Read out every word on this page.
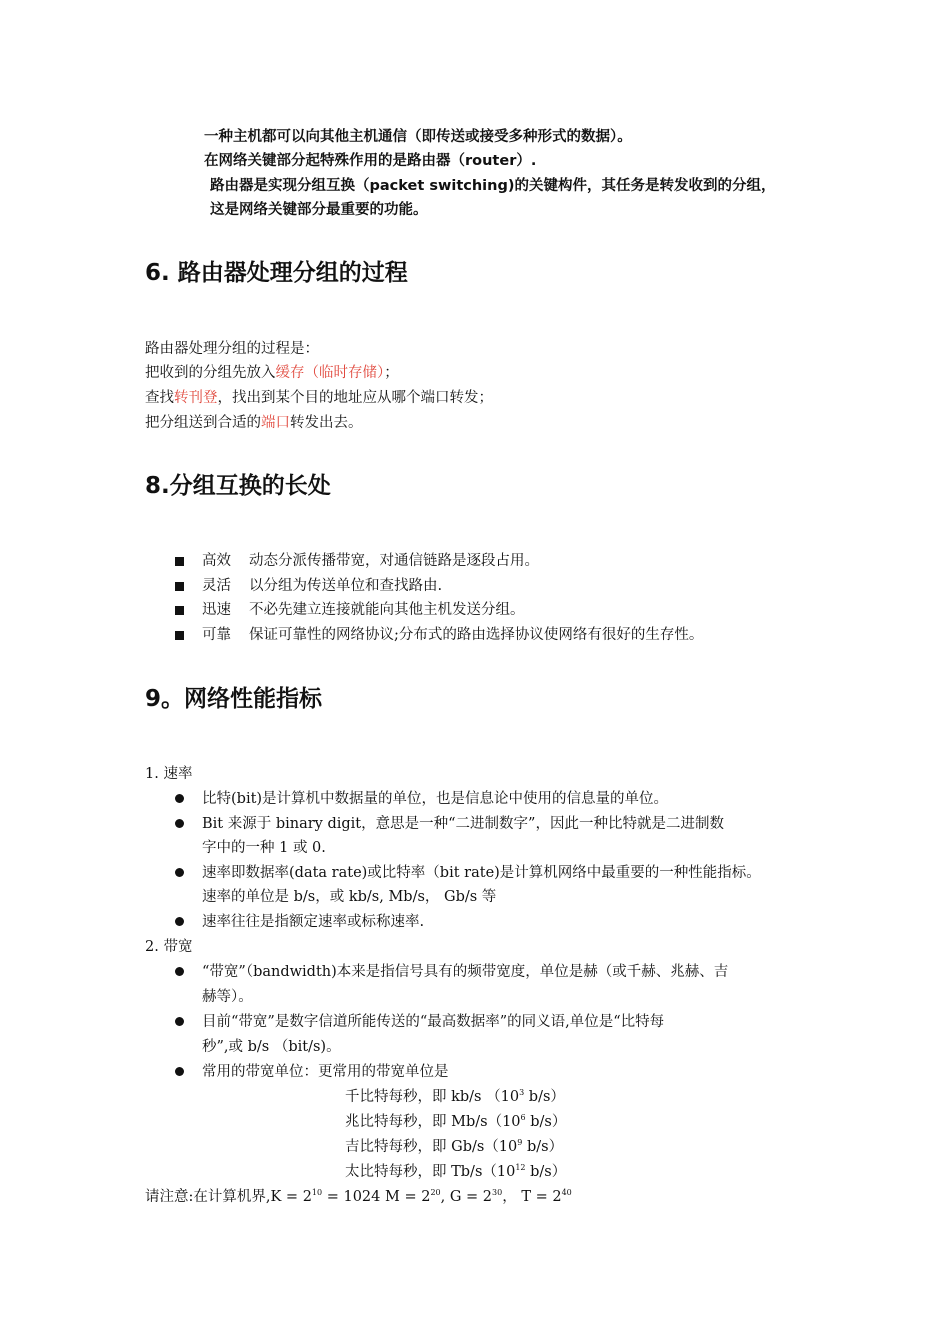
一种主机都可以向其他主机通信（即传送或接受多种形式的数据）。
在网络关键部分起特殊作用的是路由器（router）.
路由器是实现分组互换（packet switching)的关键构件，其任务是转发收到的分组，
这是网络关键部分最重要的功能。
6. 路由器处理分组的过程
路由器处理分组的过程是：
把收到的分组先放入缓存（临时存储）；
查找转刊登，找出到某个目的地址应从哪个端口转发；
把分组送到合适的端口转发出去。
8.分组互换的长处
高效 动态分派传播带宽，对通信链路是逐段占用。
灵活 以分组为传送单位和查找路由.
迅速 不必先建立连接就能向其他主机发送分组。
可靠 保证可靠性的网络协议;分布式的路由选择协议使网络有很好的生存性。
9。网络性能指标
1. 速率
比特(bit)是计算机中数据量的单位，也是信息论中使用的信息量的单位。
Bit 来源于 binary digit，意思是一种“二进制数字”，因此一种比特就是二进制数
字中的一种 1 或 0.
速率即数据率(data rate)或比特率（bit rate)是计算机网络中最重要的一种性能指标。
速率的单位是 b/s，或 kb/s, Mb/s， Gb/s 等
速率往往是指额定速率或标称速率.
2. 带宽
“带宽”（bandwidth)本来是指信号具有的频带宽度，单位是赫（或千赫、兆赫、吉
赫等）。
目前“带宽”是数字信道所能传送的“最高数据率”的同义语,单位是“比特每
秒”,或 b/s （bit/s)。
常用的带宽单位：更常用的带宽单位是
千比特每秒，即 kb/s （$10^3$ b/s）
兆比特每秒，即 $Mb/s(10^6$ b/s）
吉比特每秒，即 $Gb/s(10^9$ b/s）
太比特每秒，即 $Tb/s(10^{12}$ b/s）
请注意:在计算机界$,K = 2^{10} = 1024$ $M = 2^{20}$, $G = 2^{30}$， $T = 2^{40}$
